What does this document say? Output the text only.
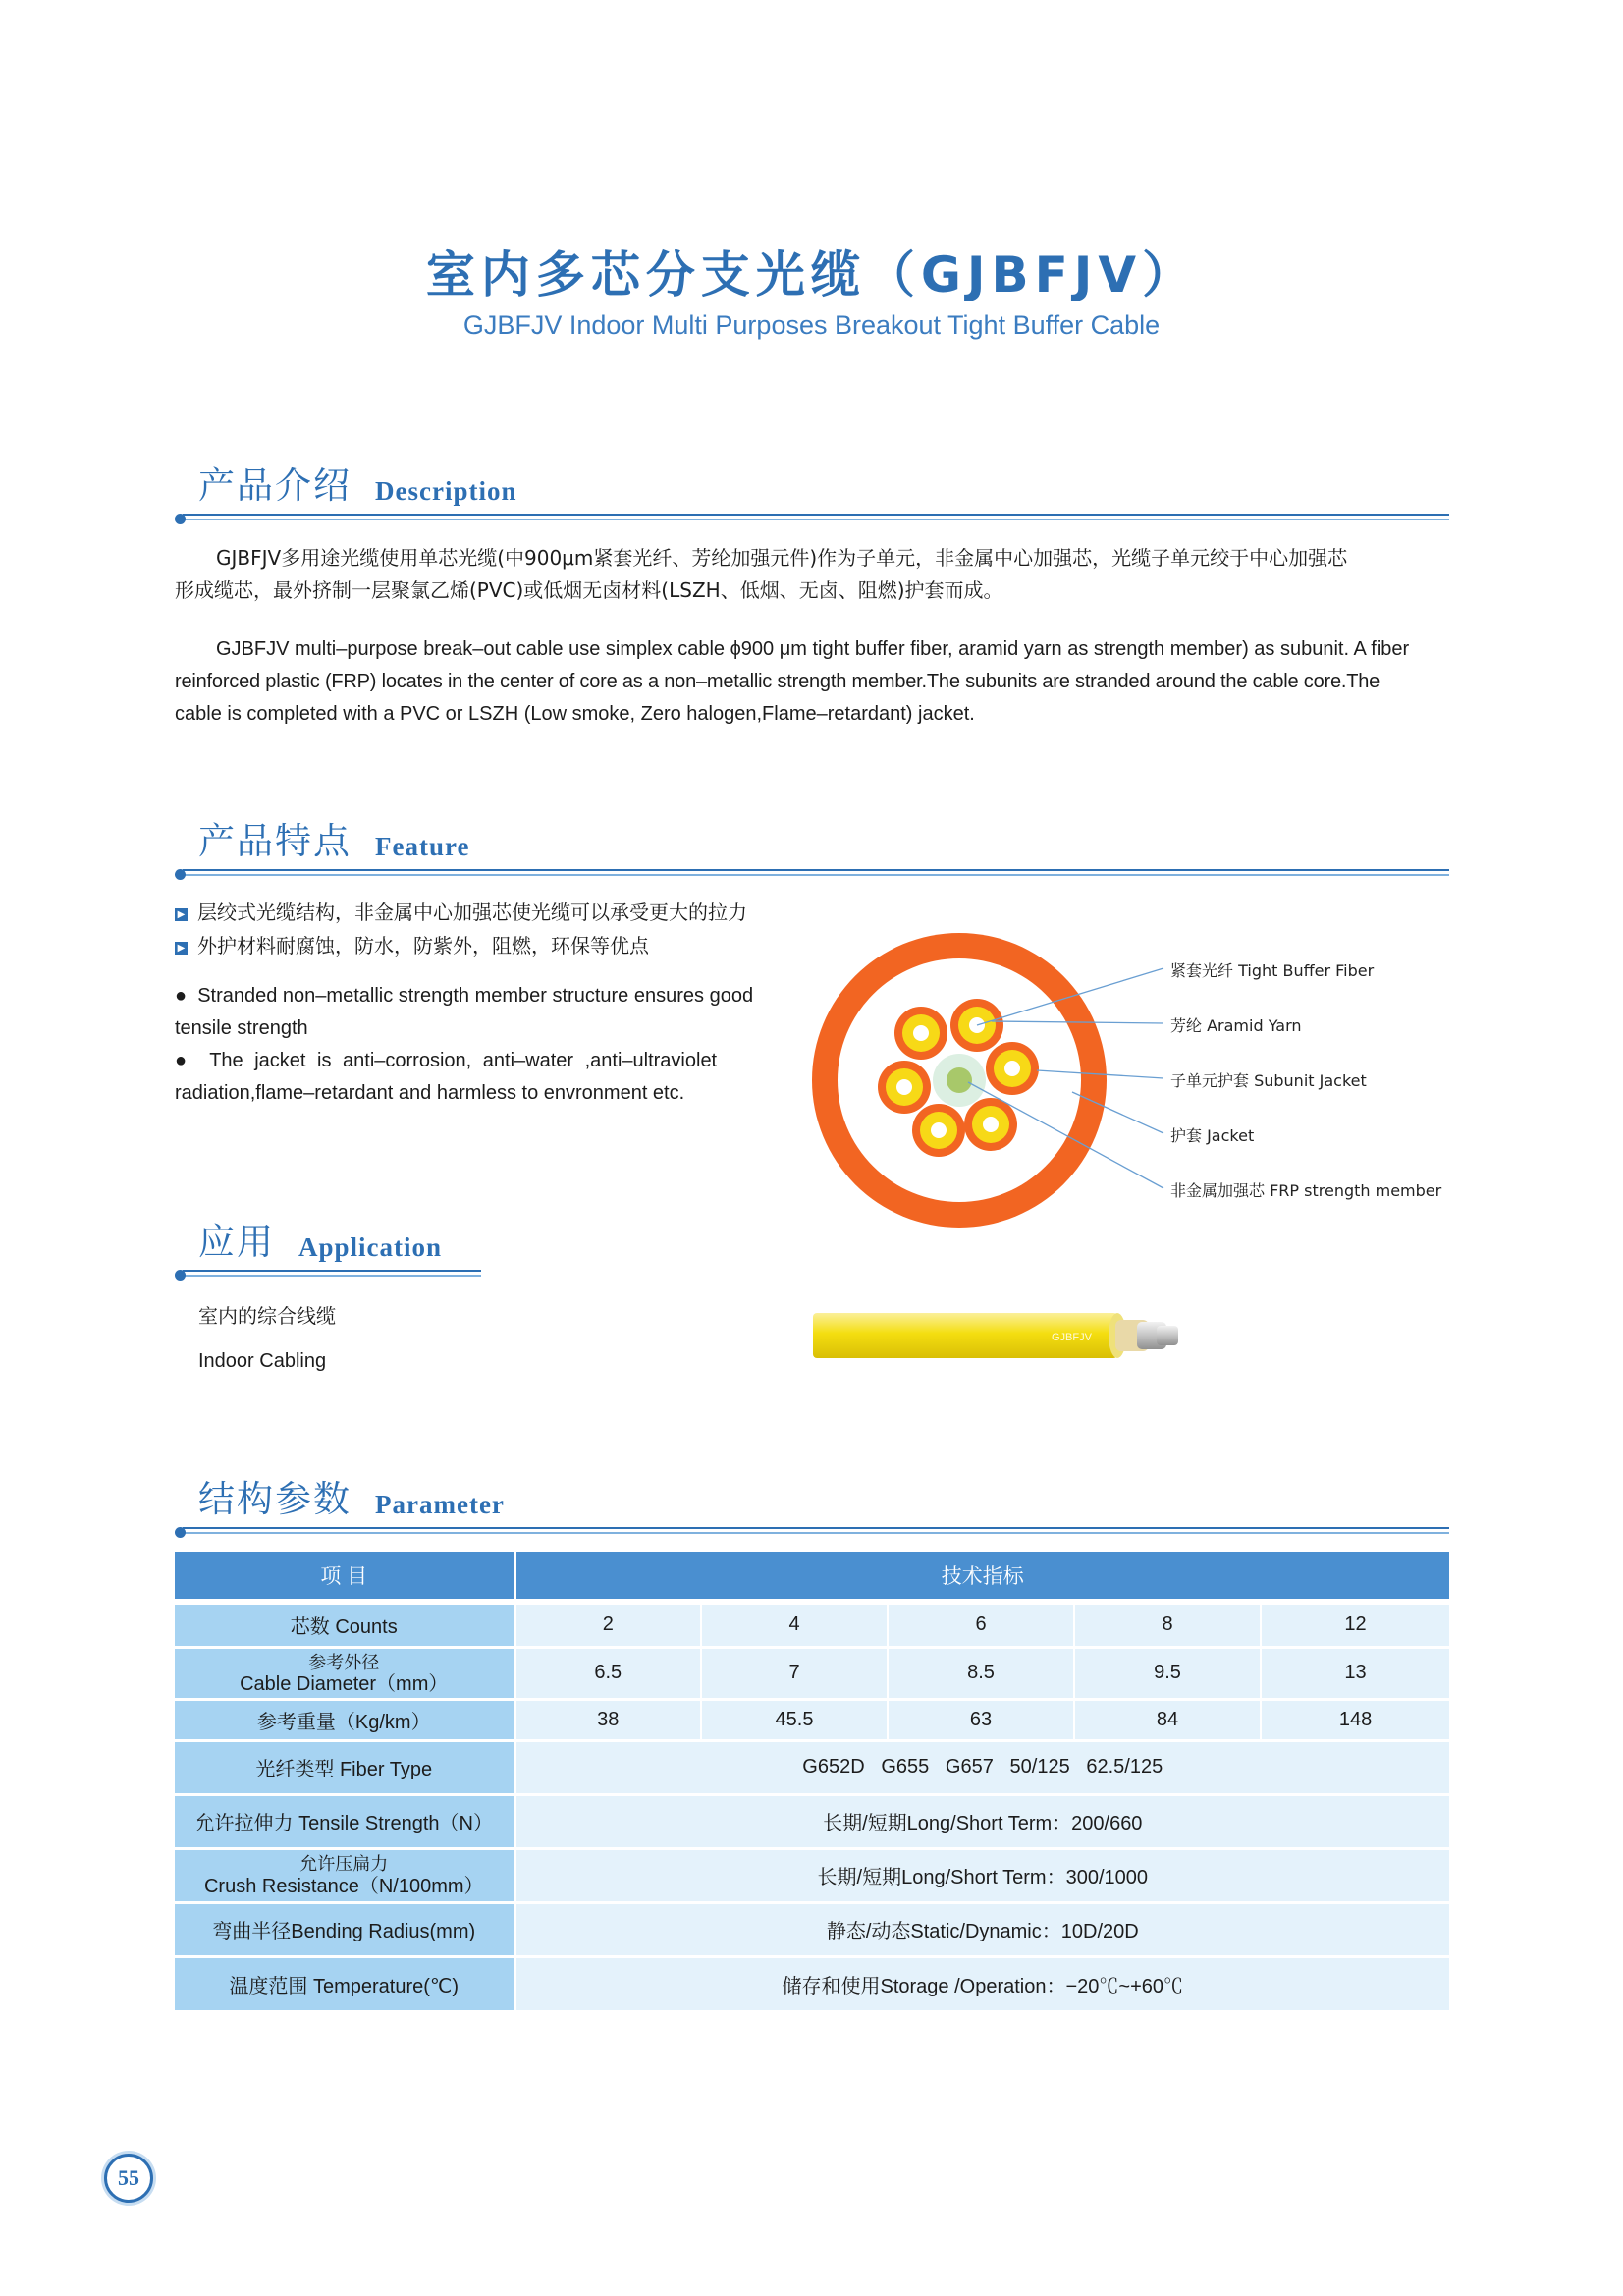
室内多芯分支光缆（GJBFJV）
GJBFJV Indoor Multi Purposes Breakout Tight Buffer Cable
产品介绍 Description
GJBFJV多用途光缆使用单芯光缆(中900μm紧套光纤、芳纶加强元件)作为子单元，非金属中心加强芯，光缆子单元绞于中心加强芯
形成缆芯，最外挤制一层聚氯乙烯(PVC)或低烟无卤材料(LSZH、低烟、无卤、阻燃)护套而成。
GJBFJV multi–purpose break–out cable use simplex cable ϕ900 μm tight buffer fiber, aramid yarn as strength member) as subunit. A fiber
reinforced plastic (FRP) locates in the center of core as a non–metallic strength member.The subunits are stranded around the cable core.The
cable is completed with a PVC or LSZH (Low smoke, Zero halogen,Flame–retardant) jacket.
产品特点 Feature
▶ 层绞式光缆结构，非金属中心加强芯使光缆可以承受更大的拉力
▶ 外护材料耐腐蚀，防水，防紫外，阻燃，环保等优点
●  Stranded non–metallic strength member structure ensures good
tensile strength
●  The jacket is anti–corrosion, anti–water ,anti–ultraviolet
radiation,flame–retardant and harmless to envronment etc.
紧套光纤 Tight Buffer Fiber
芳纶 Aramid Yarn
子单元护套 Subunit Jacket
护套 Jacket
非金属加强芯 FRP strength member
应用 Application
室内的综合线缆
Indoor Cabling
GJBFJV
结构参数 Parameter
项 目	技术指标				

芯数 Counts	2	4	6	8	12

参考外径
Cable Diameter（mm）	6.5	7	8.5	9.5	13
参考重量（Kg/km）	38	45.5	63	84	148
光纤类型 Fiber Type	G652D   G655   G657   50/125   62.5/125				
允许拉伸力 Tensile Strength（N）	长期/短期Long/Short Term：200/660				

允许压扁力
Crush Resistance（N/100mm）	长期/短期Long/Short Term：300/1000				
弯曲半径Bending Radius(mm)	静态/动态Static/Dynamic：10D/20D				
温度范围 Temperature(℃)	储存和使用Storage /Operation：−20℃~+60℃				
55
